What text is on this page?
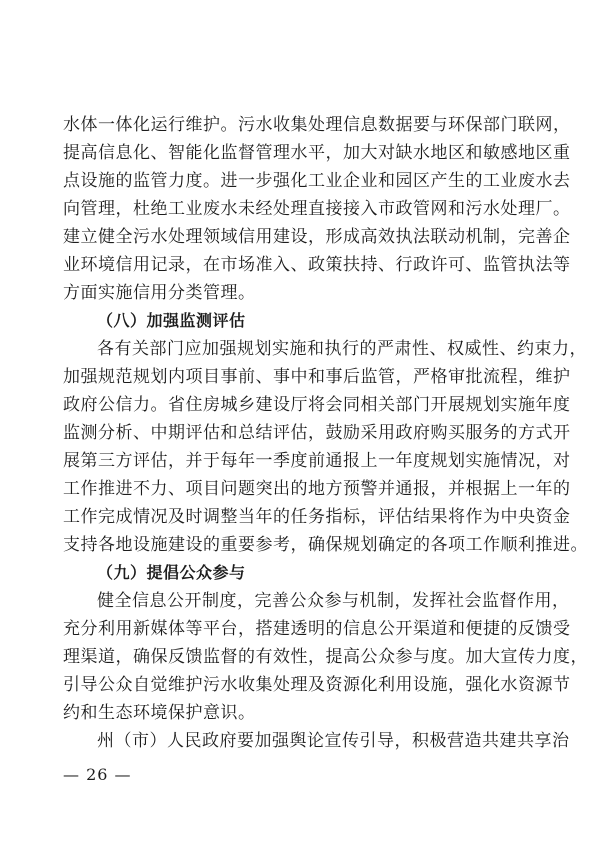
水体一体化运行维护。污水收集处理信息数据要与环保部门联网，
提高信息化、智能化监督管理水平，加大对缺水地区和敏感地区重
点设施的监管力度。进一步强化工业企业和园区产生的工业废水去
向管理，杜绝工业废水未经处理直接接入市政管网和污水处理厂。
建立健全污水处理领域信用建设，形成高效执法联动机制，完善企
业环境信用记录，在市场准入、政策扶持、行政许可、监管执法等
方面实施信用分类管理。
（八）加强监测评估
各有关部门应加强规划实施和执行的严肃性、权威性、约束力，
加强规范规划内项目事前、事中和事后监管，严格审批流程，维护
政府公信力。省住房城乡建设厅将会同相关部门开展规划实施年度
监测分析、中期评估和总结评估，鼓励采用政府购买服务的方式开
展第三方评估，并于每年一季度前通报上一年度规划实施情况，对
工作推进不力、项目问题突出的地方预警并通报，并根据上一年的
工作完成情况及时调整当年的任务指标，评估结果将作为中央资金
支持各地设施建设的重要参考，确保规划确定的各项工作顺利推进。
（九）提倡公众参与
健全信息公开制度，完善公众参与机制，发挥社会监督作用，
充分利用新媒体等平台，搭建透明的信息公开渠道和便捷的反馈受
理渠道，确保反馈监督的有效性，提高公众参与度。加大宣传力度，
引导公众自觉维护污水收集处理及资源化利用设施，强化水资源节
约和生态环境保护意识。
州（市）人民政府要加强舆论宣传引导，积极营造共建共享治
— 26 —
